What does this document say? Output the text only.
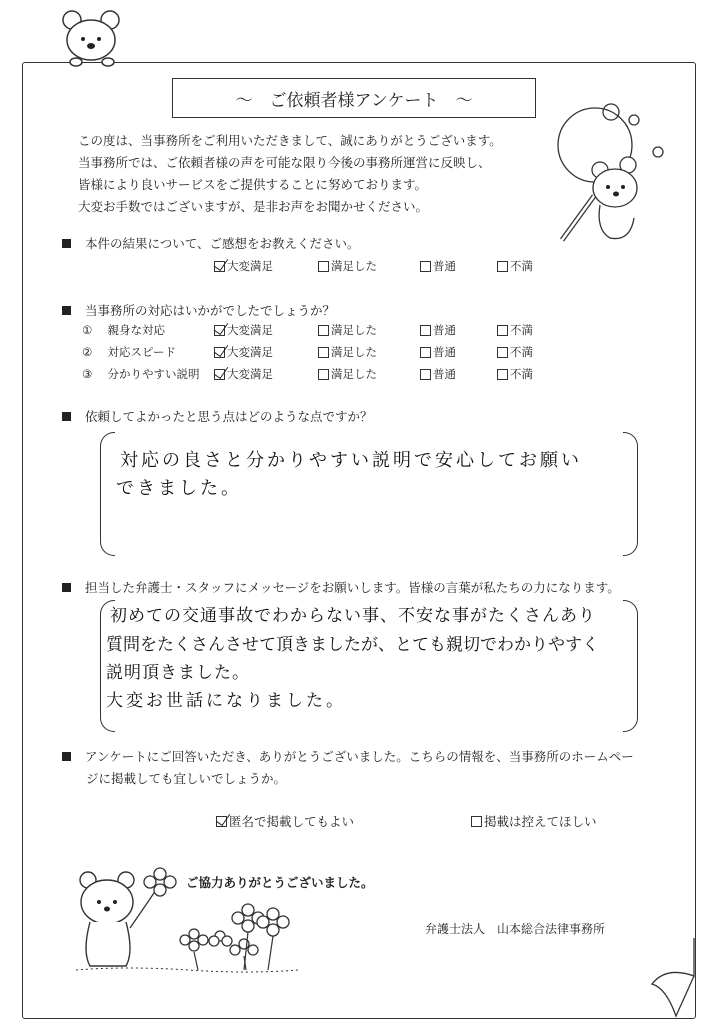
～　ご依頼者様アンケート　～
この度は、当事務所をご利用いただきまして、誠にありがとうございます。
当事務所では、ご依頼者様の声を可能な限り今後の事務所運営に反映し、
皆様により良いサービスをご提供することに努めております。
大変お手数ではございますが、是非お声をお聞かせください。
本件の結果について、ご感想をお教えください。
大変満足	満足した	普通	不満
当事務所の対応はいかがでしたでしょうか？
①　 親身な対応	大変満足	満足した	普通	不満
②　 対応スピード	大変満足	満足した	普通	不満
③　 分かりやすい説明 大変満足	満足した	普通	不満
依頼してよかったと思う点はどのような点ですか？
対応の良さと分かりやすい説明で安心してお願い
できました。
担当した弁護士・スタッフにメッセージをお願いします。皆様の言葉が私たちの力になります。
初めての交通事故でわからない事、不安な事がたくさんあり
質問をたくさんさせて頂きましたが、とても親切でわかりやすく
説明頂きました。
大変お世話になりました。
アンケートにご回答いただき、ありがとうございました。こちらの情報を、当事務所のホームペー
ジに掲載しても宜しいでしょうか。
匿名で掲載してもよい	掲載は控えてほしい
ご協力ありがとうございました。
弁護士法人　山本総合法律事務所
